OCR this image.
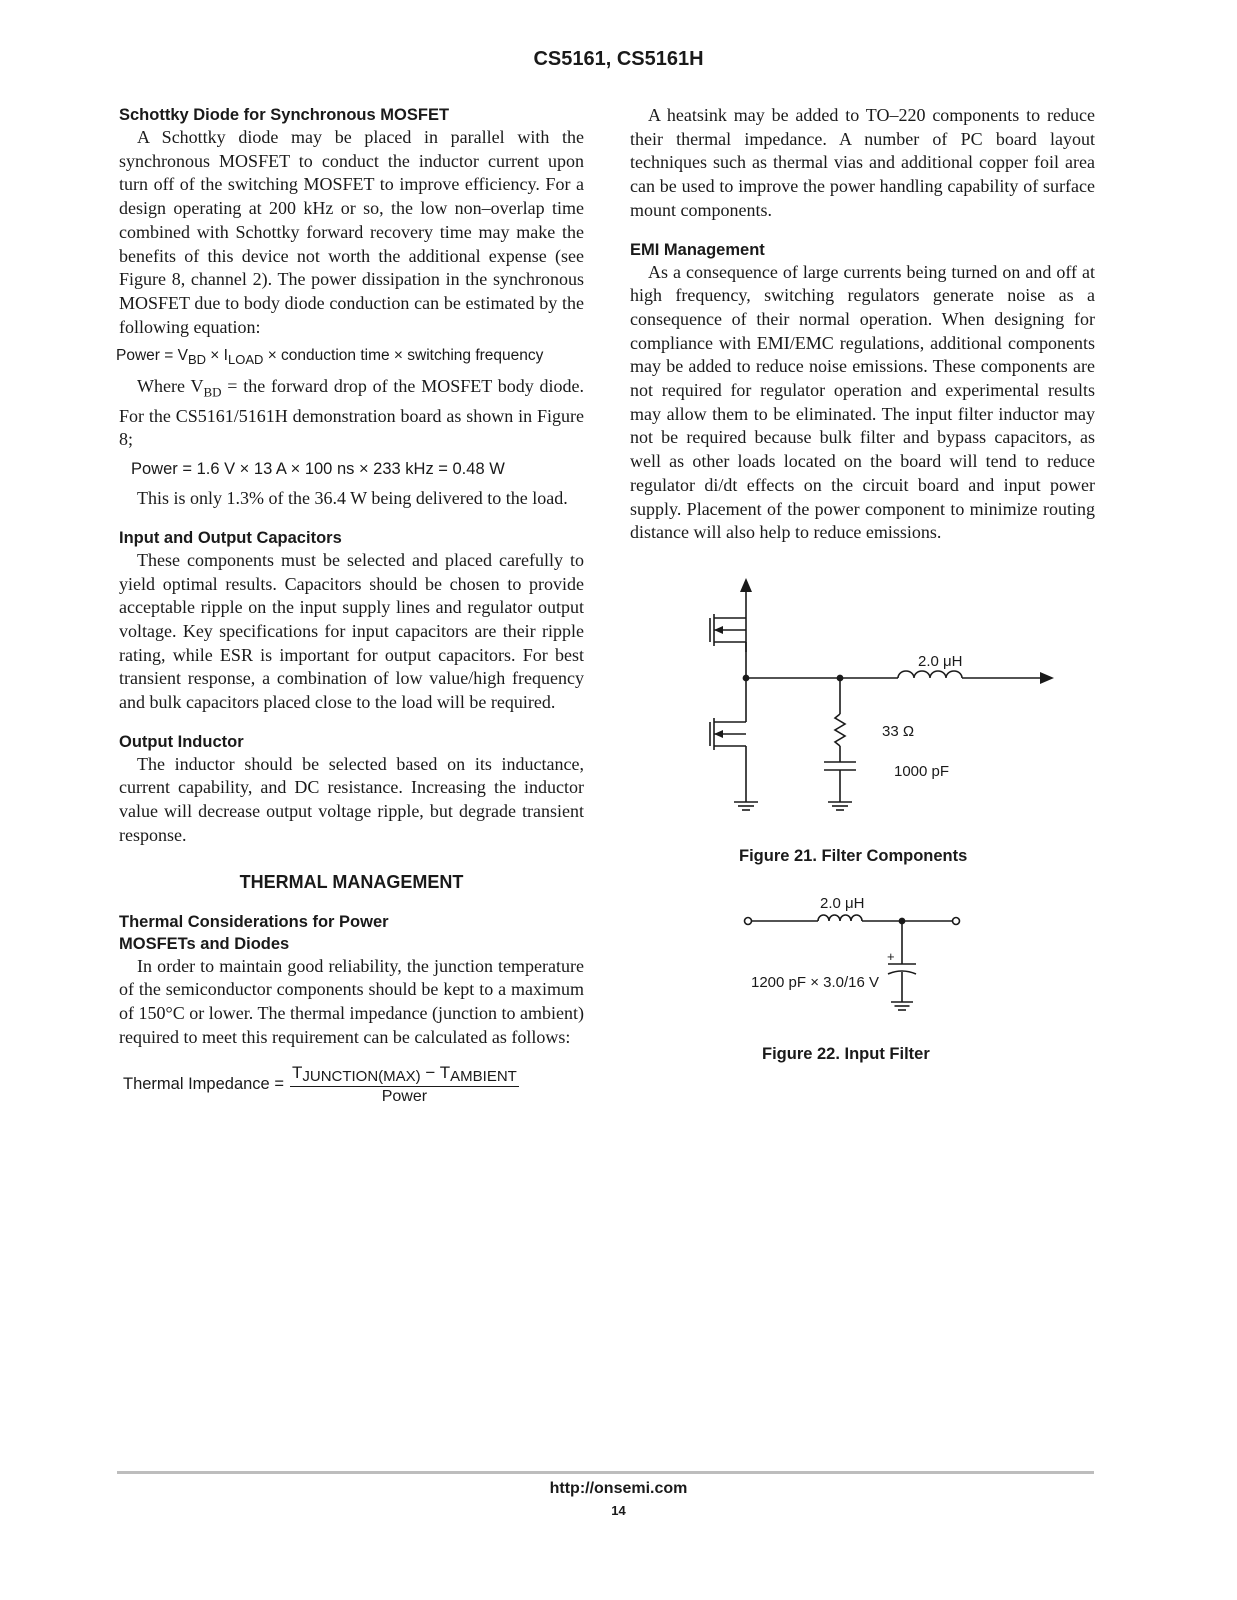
CS5161, CS5161H

Schottky Diode for Synchronous MOSFET

A Schottky diode may be placed in parallel with the synchronous MOSFET to conduct the inductor current upon turn off of the switching MOSFET to improve efficiency. For a design operating at 200 kHz or so, the low non–overlap time combined with Schottky forward recovery time may make the benefits of this device not worth the additional expense (see Figure 8, channel 2). The power dissipation in the synchronous MOSFET due to body diode conduction can be estimated by the following equation:

Power = $V_{BD} \times I_{LOAD}$ × conduction time × switching frequency

Where $V_{BD}$ = the forward drop of the MOSFET body diode. For the CS5161/5161H demonstration board as shown in Figure 8;

Power = 1.6 V × 13 A × 100 ns × 233 kHz = 0.48 W

This is only 1.3% of the 36.4 W being delivered to the load.

Input and Output Capacitors

These components must be selected and placed carefully to yield optimal results. Capacitors should be chosen to provide acceptable ripple on the input supply lines and regulator output voltage. Key specifications for input capacitors are their ripple rating, while ESR is important for output capacitors. For best transient response, a combination of low value/high frequency and bulk capacitors placed close to the load will be required.

Output Inductor

The inductor should be selected based on its inductance, current capability, and DC resistance. Increasing the inductor value will decrease output voltage ripple, but degrade transient response.

THERMAL MANAGEMENT

Thermal Considerations for Power

MOSFETs and Diodes

In order to maintain good reliability, the junction temperature of the semiconductor components should be kept to a maximum of 150°C or lower. The thermal impedance (junction to ambient) required to meet this requirement can be calculated as follows:

Thermal Impedance = $\frac{T_{JUNCTION(MAX)} - T_{AMBIENT}}{\text{Power}}$

A heatsink may be added to TO–220 components to reduce their thermal impedance. A number of PC board layout techniques such as thermal vias and additional copper foil area can be used to improve the power handling capability of surface mount components.

EMI Management

As a consequence of large currents being turned on and off at high frequency, switching regulators generate noise as a consequence of their normal operation. When designing for compliance with EMI/EMC regulations, additional components may be added to reduce noise emissions. These components are not required for regulator operation and experimental results may allow them to be eliminated. The input filter inductor may not be required because bulk filter and bypass capacitors, as well as other loads located on the board will tend to reduce regulator di/dt effects on the circuit board and input power supply. Placement of the power component to minimize routing distance will also help to reduce emissions.

2.0 μH
33 Ω
1000 pF
Figure 21. Filter Components
2.0 μH
+
1200 pF × 3.0/16 V
Figure 22. Input Filter
http://onsemi.com
14
